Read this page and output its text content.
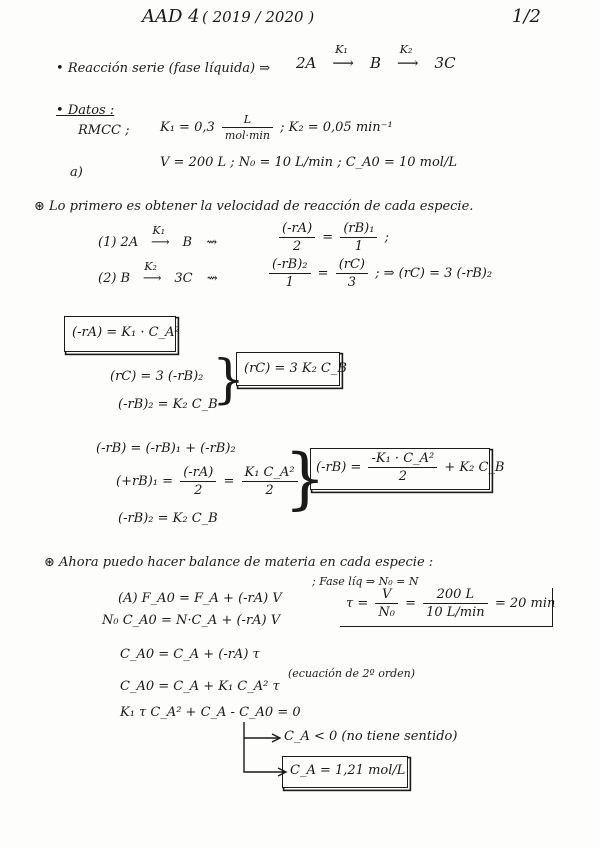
AAD 4 ( 2019 / 2020 )	1/2
• Reacción serie (fase líquida) ⇒ 2A
K₁
⟶ B
K₂
⟶ 3C
• Datos :
RMCC ; $K_1 = 0,3 \frac{L}{\text{mol·min}}$ ; K₂ = 0,05 min⁻¹
a)
V = 200 L ; N₀ = 10 L/min ; C_A0 = 10 mol/L
⊛ Lo primero es obtener la velocidad de reacción de cada especie.
(1) 2A
K₁
⟶ B ⇝	$\frac{(-rA)}{2} = \frac{\text{(rB)₁}}{1}$ ;
(2) B
K₂
⟶ 3C ⇝	$\frac{\text{(-rB)₂}}{1} = \frac{(rC)}{3}$ ; ⇒ (rC) = 3 (-rB)₂
(-rA) = K₁ · C_A²
(rC) = 3 (-rB)₂
(-rB)₂ = K₂ C_B
}
(rC) = 3 K₂ C_B
(-rB) = (-rB)₁ + (-rB)₂
$(+rB)_1 = \frac{(-rA)}{2} = \frac{\text{K₁ C\_A²}}{2}$
(-rB)₂ = K₂ C_B
}
$(-rB) = \frac{\text{-K₁ · C\_A²}}{2} + K_2$ C_B
⊛ Ahora puedo hacer balance de materia en cada especie :
(A) F_A0 = F_A + (-rA) V
; Fase líq ⇒ N₀ = N
N₀ C_A0 = N·C_A + (-rA) V
$\tau = \frac{V}{\text{N₀}} = \frac{200 L}{10 L/\min} = 20$ min
C_A0 = C_A + (-rA) τ
C_A0 = C_A + K₁ C_A² τ
(ecuación de 2º orden)
K₁ τ C_A² + C_A - C_A0 = 0
C_A < 0 (no tiene sentido)
C_A = 1,21 mol/L
